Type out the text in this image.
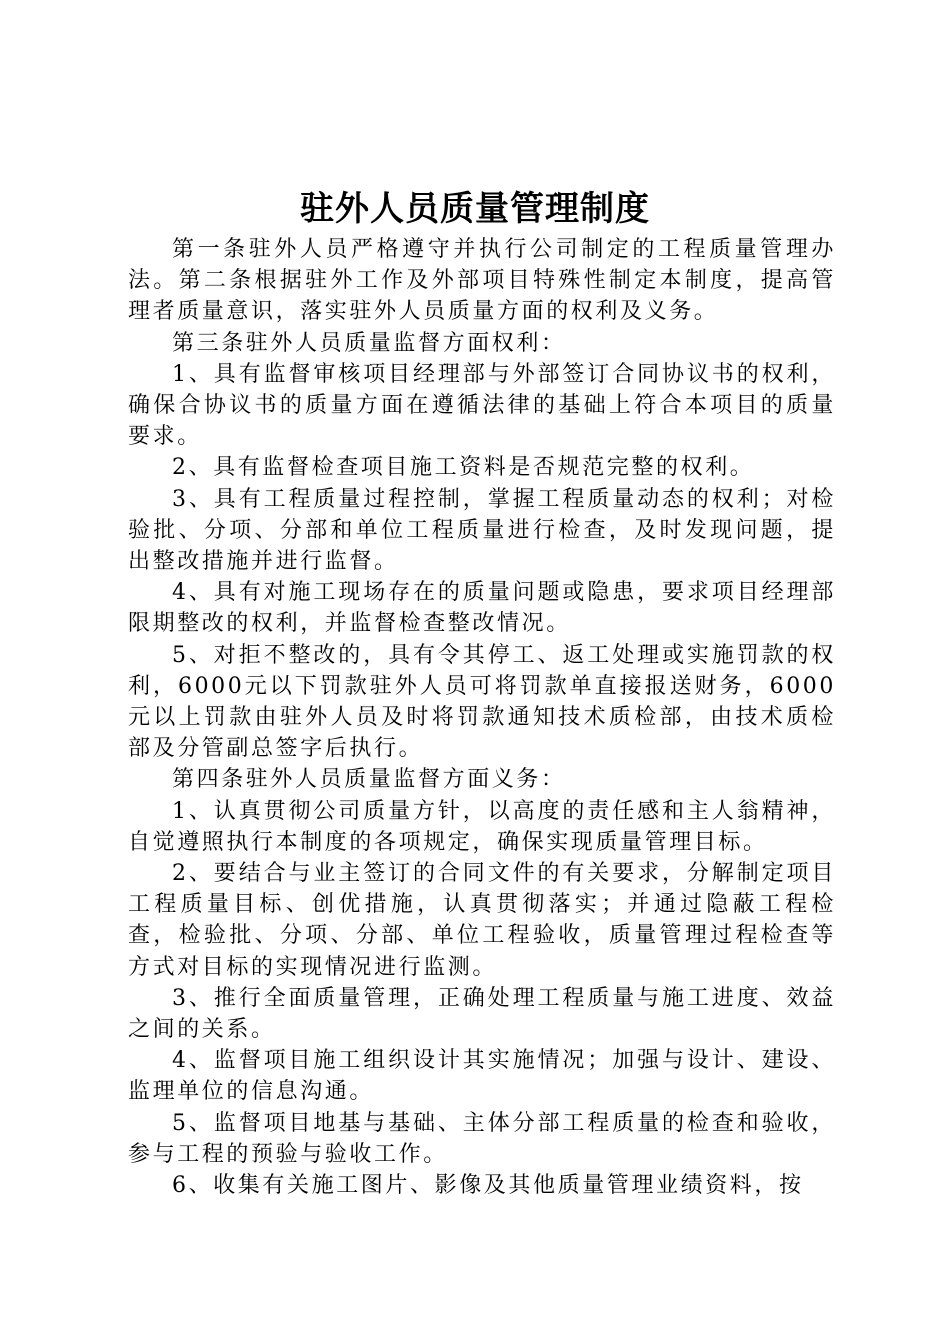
驻外人员质量管理制度

第一条驻外人员严格遵守并执行公司制定的工程质量管理办法。第二条根据驻外工作及外部项目特殊性制定本制度，提高管理者质量意识，落实驻外人员质量方面的权利及义务。

第三条驻外人员质量监督方面权利：

1、具有监督审核项目经理部与外部签订合同协议书的权利，确保合协议书的质量方面在遵循法律的基础上符合本项目的质量要求。

2、具有监督检查项目施工资料是否规范完整的权利。

3、具有工程质量过程控制，掌握工程质量动态的权利；对检验批、分项、分部和单位工程质量进行检查，及时发现问题，提出整改措施并进行监督。

4、具有对施工现场存在的质量问题或隐患，要求项目经理部限期整改的权利，并监督检查整改情况。

5、对拒不整改的，具有令其停工、返工处理或实施罚款的权利，6000元以下罚款驻外人员可将罚款单直接报送财务，6000元以上罚款由驻外人员及时将罚款通知技术质检部，由技术质检部及分管副总签字后执行。

第四条驻外人员质量监督方面义务：

1、认真贯彻公司质量方针，以高度的责任感和主人翁精神，自觉遵照执行本制度的各项规定，确保实现质量管理目标。

2、要结合与业主签订的合同文件的有关要求，分解制定项目工程质量目标、创优措施，认真贯彻落实；并通过隐蔽工程检查，检验批、分项、分部、单位工程验收，质量管理过程检查等方式对目标的实现情况进行监测。

3、推行全面质量管理，正确处理工程质量与施工进度、效益之间的关系。

4、监督项目施工组织设计其实施情况；加强与设计、建设、监理单位的信息沟通。

5、监督项目地基与基础、主体分部工程质量的检查和验收，参与工程的预验与验收工作。

6、收集有关施工图片、影像及其他质量管理业绩资料，按
